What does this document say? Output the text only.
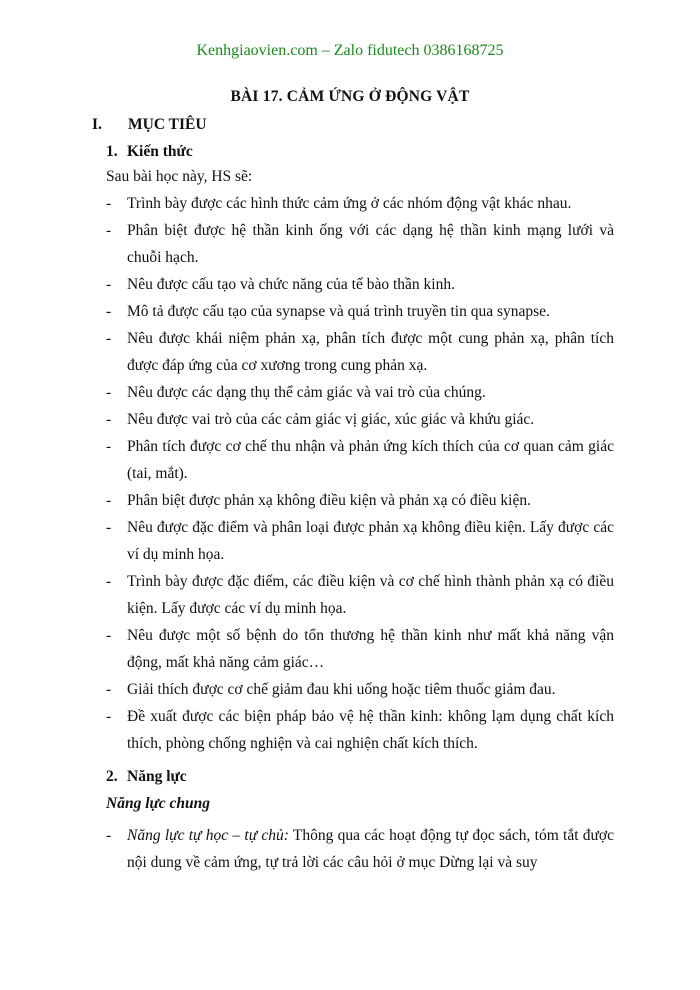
Kenhgiaovien.com – Zalo fidutech 0386168725
BÀI 17. CẢM ỨNG Ở ĐỘNG VẬT
I. MỤC TIÊU
1. Kiến thức
Sau bài học này, HS sẽ:
- Trình bày được các hình thức cảm ứng ở các nhóm động vật khác nhau.
- Phân biệt được hệ thần kinh ống với các dạng hệ thần kinh mạng lưới và chuỗi hạch.
- Nêu được cấu tạo và chức năng của tế bào thần kinh.
- Mô tả được cấu tạo của synapse và quá trình truyền tin qua synapse.
- Nêu được khái niệm phản xạ, phân tích được một cung phản xạ, phân tích được đáp ứng của cơ xương trong cung phản xạ.
- Nêu được các dạng thụ thể cảm giác và vai trò của chúng.
- Nêu được vai trò của các cảm giác vị giác, xúc giác và khứu giác.
- Phân tích được cơ chế thu nhận và phản ứng kích thích của cơ quan cảm giác (tai, mắt).
- Phân biệt được phản xạ không điều kiện và phản xạ có điều kiện.
- Nêu được đặc điểm và phân loại được phản xạ không điều kiện. Lấy được các ví dụ minh họa.
- Trình bày được đặc điểm, các điều kiện và cơ chế hình thành phản xạ có điều kiện. Lấy được các ví dụ minh họa.
- Nêu được một số bệnh do tổn thương hệ thần kinh như mất khả năng vận động, mất khả năng cảm giác…
- Giải thích được cơ chế giảm đau khi uống hoặc tiêm thuốc giảm đau.
- Đề xuất được các biện pháp bảo vệ hệ thần kinh: không lạm dụng chất kích thích, phòng chống nghiện và cai nghiện chất kích thích.
2. Năng lực
Năng lực chung
- Năng lực tự học – tự chủ: Thông qua các hoạt động tự đọc sách, tóm tắt được nội dung về cảm ứng, tự trả lời các câu hỏi ở mục Dừng lại và suy
